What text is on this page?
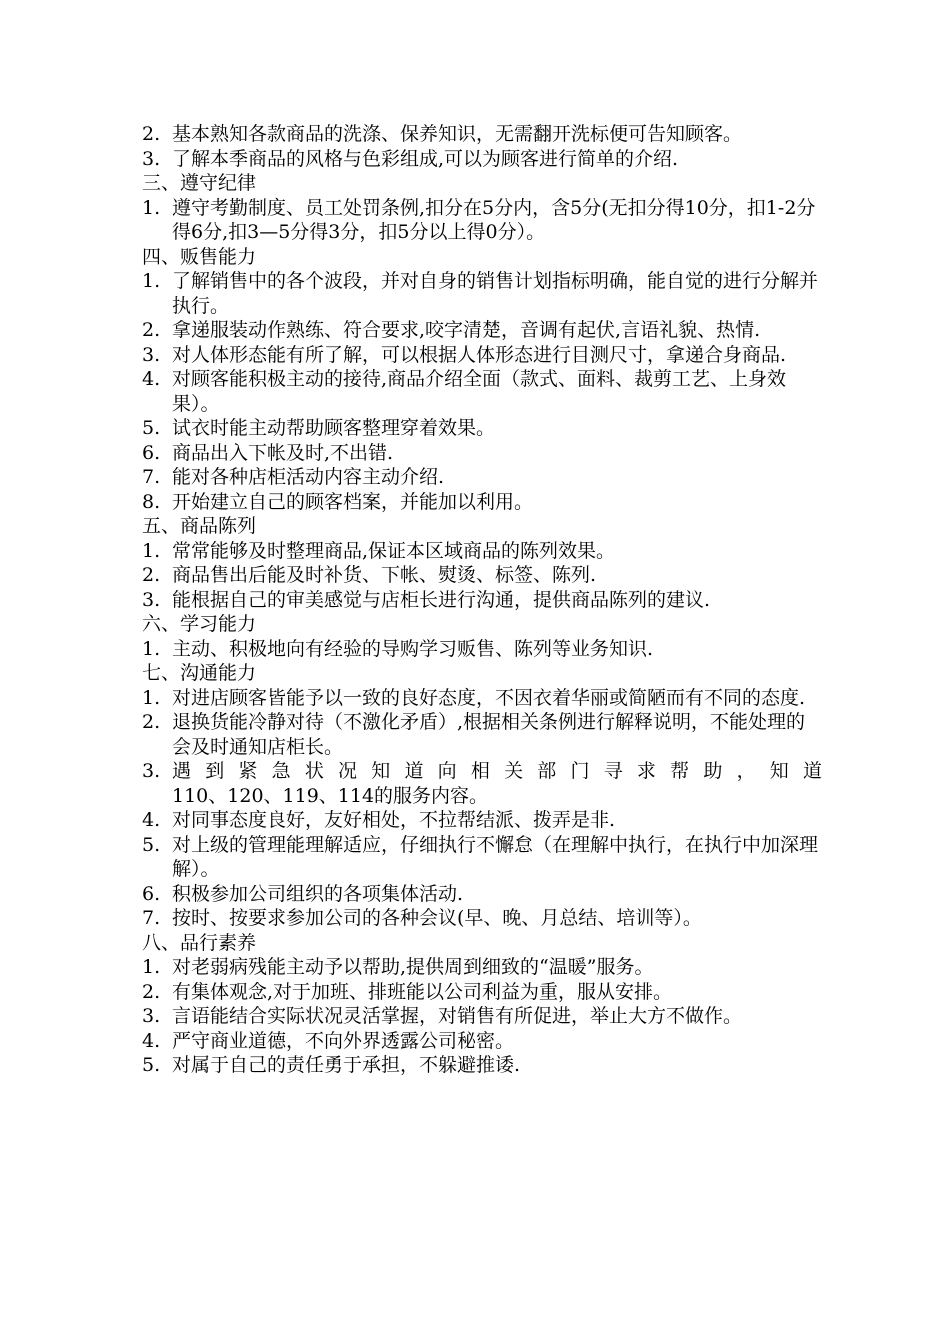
2. 基本熟知各款商品的洗涤、保养知识，无需翻开洗标便可告知顾客。
3. 了解本季商品的风格与色彩组成,可以为顾客进行简单的介绍.
三、遵守纪律
1. 遵守考勤制度、员工处罚条例,扣分在5分内，含5分(无扣分得10分，扣1-2分得6分,扣3—5分得3分，扣5分以上得0分）。
四、贩售能力
1. 了解销售中的各个波段，并对自身的销售计划指标明确，能自觉的进行分解并执行。
2. 拿递服装动作熟练、符合要求,咬字清楚，音调有起伏,言语礼貌、热情.
3. 对人体形态能有所了解，可以根据人体形态进行目测尺寸，拿递合身商品.
4. 对顾客能积极主动的接待,商品介绍全面（款式、面料、裁剪工艺、上身效果）。
5. 试衣时能主动帮助顾客整理穿着效果。
6. 商品出入下帐及时,不出错.
7. 能对各种店柜活动内容主动介绍.
8. 开始建立自己的顾客档案，并能加以利用。
五、商品陈列
1. 常常能够及时整理商品,保证本区域商品的陈列效果。
2. 商品售出后能及时补货、下帐、熨烫、标签、陈列.
3. 能根据自己的审美感觉与店柜长进行沟通，提供商品陈列的建议.
六、学习能力
1. 主动、积极地向有经验的导购学习贩售、陈列等业务知识.
七、沟通能力
1. 对进店顾客皆能予以一致的良好态度，不因衣着华丽或简陋而有不同的态度.
2. 退换货能冷静对待（不激化矛盾）,根据相关条例进行解释说明，不能处理的会及时通知店柜长。
3. 遇到紧急状况知道向相关部门寻求帮助，知道
110、120、119、114的服务内容。
4. 对同事态度良好，友好相处，不拉帮结派、拨弄是非.
5. 对上级的管理能理解适应，仔细执行不懈怠（在理解中执行，在执行中加深理解）。
6. 积极参加公司组织的各项集体活动.
7. 按时、按要求参加公司的各种会议(早、晚、月总结、培训等）。
八、品行素养
1. 对老弱病残能主动予以帮助,提供周到细致的“温暖”服务。
2. 有集体观念,对于加班、排班能以公司利益为重，服从安排。
3. 言语能结合实际状况灵活掌握，对销售有所促进，举止大方不做作。
4. 严守商业道德，不向外界透露公司秘密。
5. 对属于自己的责任勇于承担，不躲避推诿.
